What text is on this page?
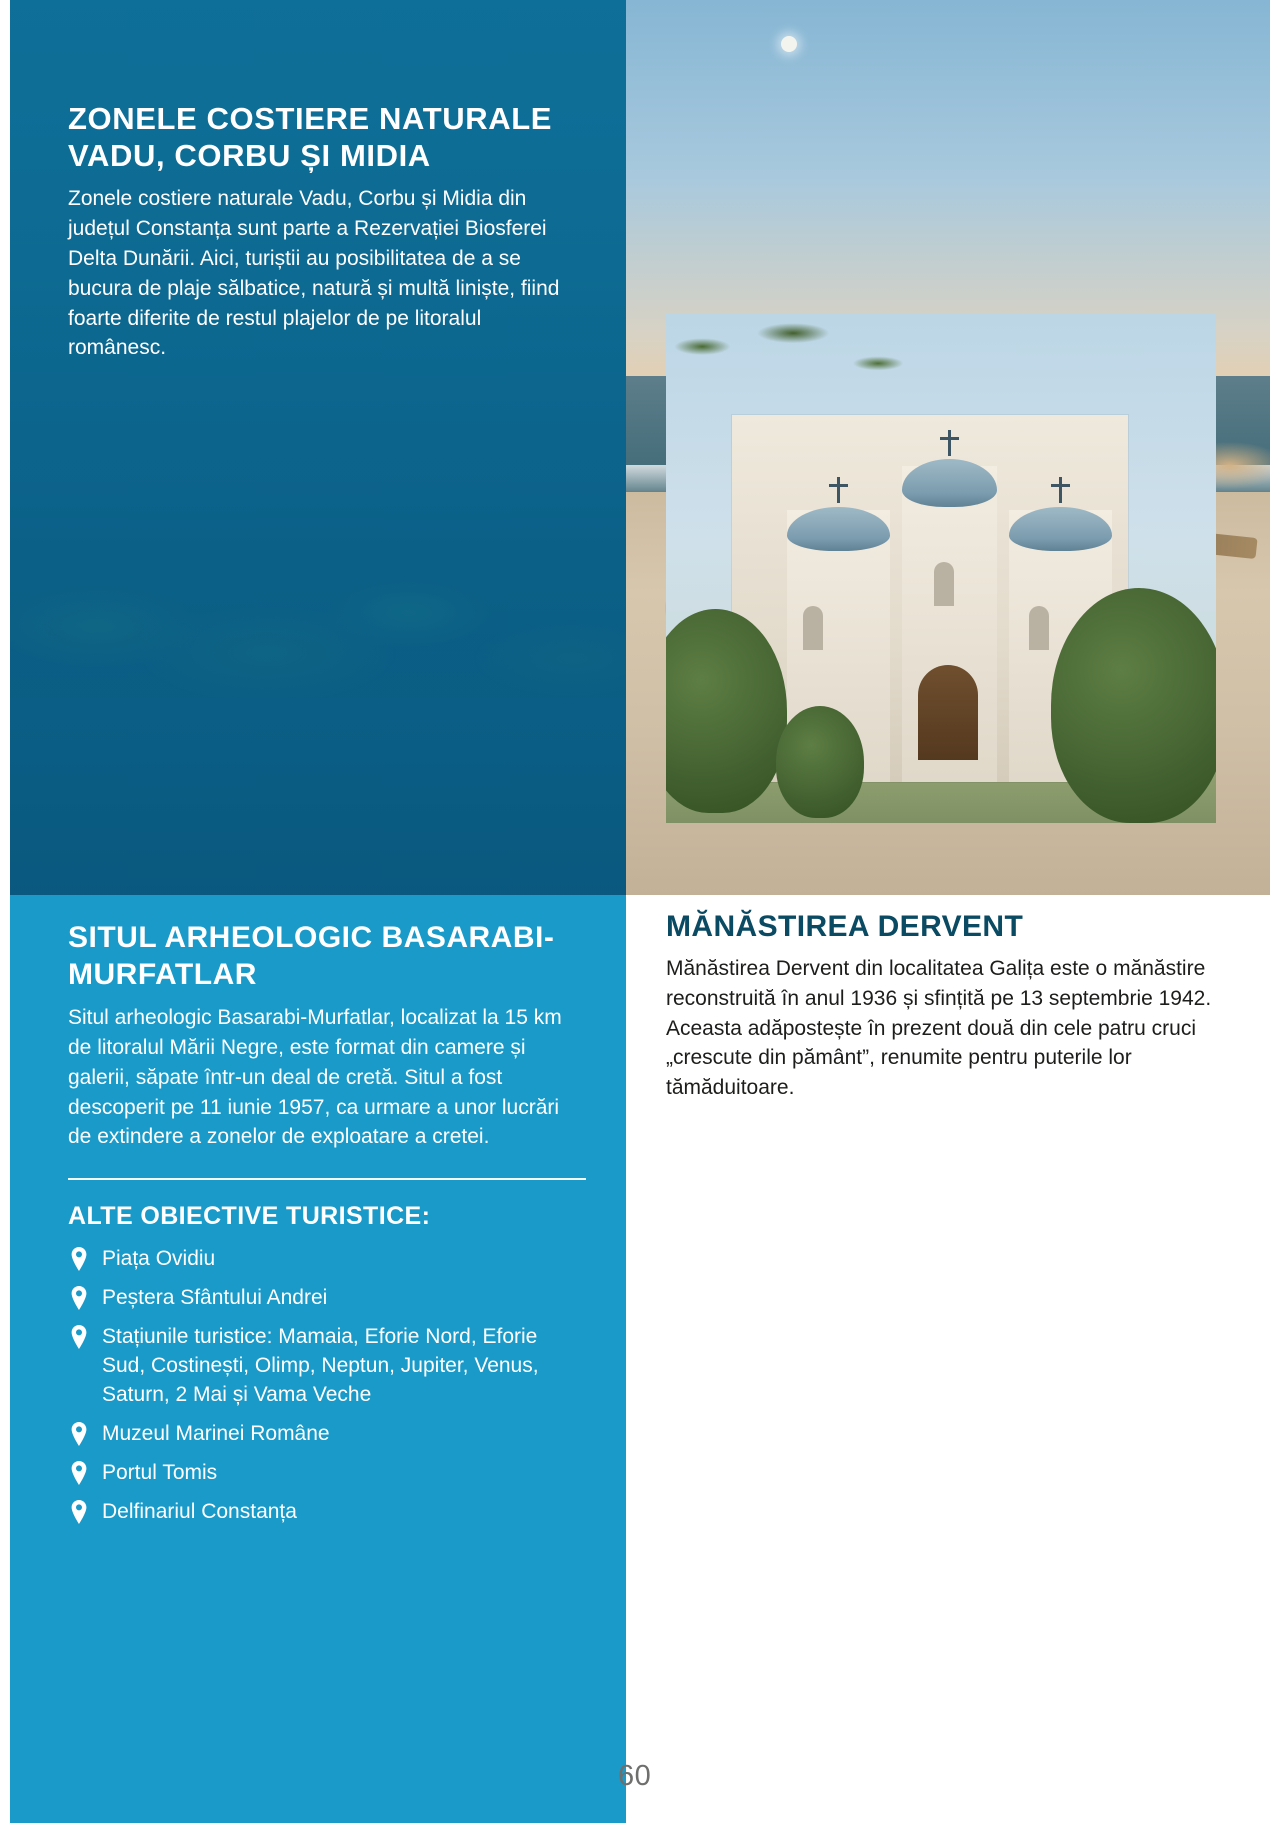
ZONELE COSTIERE NATURALE VADU, CORBU ȘI MIDIA

Zonele costiere naturale Vadu, Corbu și Midia din județul Constanța sunt parte a Rezervației Biosferei Delta Dunării. Aici, turiștii au posibilitatea de a se bucura de plaje sălbatice, natură și multă liniște, fiind foarte diferite de restul plajelor de pe litoralul românesc.

SITUL ARHEOLOGIC BASARABI-MURFATLAR

Situl arheologic Basarabi-Murfatlar, localizat la 15 km de litoralul Mării Negre, este format din camere și galerii, săpate într-un deal de cretă. Situl a fost descoperit pe 11 iunie 1957, ca urmare a unor lucrări de extindere a zonelor de exploatare a cretei.

ALTE OBIECTIVE TURISTICE:
Piața Ovidiu
Peștera Sfântului Andrei
Stațiunile turistice: Mamaia, Eforie Nord, Eforie Sud, Costinești, Olimp, Neptun, Jupiter, Venus, Saturn, 2 Mai și Vama Veche
Muzeul Marinei Române
Portul Tomis
Delfinariul Constanța
MĂNĂSTIREA DERVENT

Mănăstirea Dervent din localitatea Galița este o mănăstire reconstruită în anul 1936 și sfințită pe 13 septembrie 1942. Aceasta adăpostește în prezent două din cele patru cruci „crescute din pământ”, renumite pentru puterile lor tămăduitoare.

60
